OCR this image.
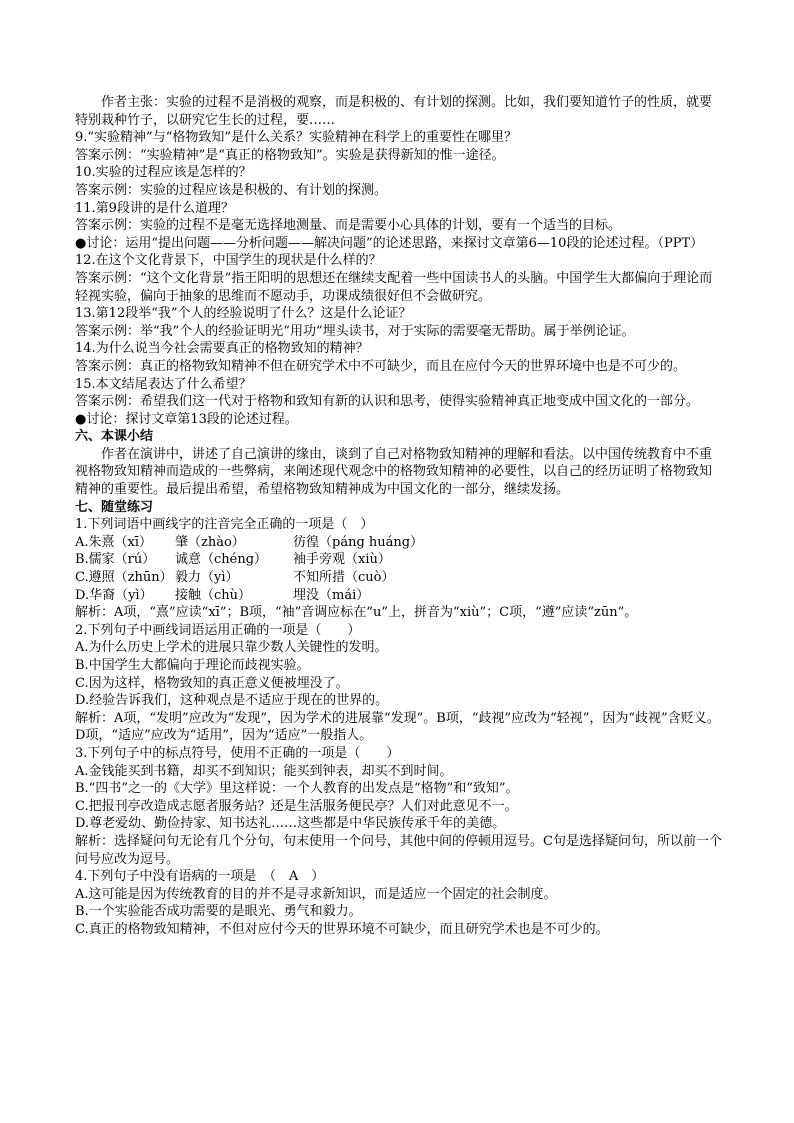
作者主张：实验的过程不是消极的观察，而是积极的、有计划的探测。比如，我们要知道竹子的性质，就要特别栽种竹子，以研究它生长的过程，要……

9.“实验精神”与“格物致知”是什么关系？实验精神在科学上的重要性在哪里？

答案示例：“实验精神”是“真正的格物致知”。实验是获得新知的惟一途径。

10.实验的过程应该是怎样的？

答案示例：实验的过程应该是积极的、有计划的探测。

11.第9段讲的是什么道理？

答案示例：实验的过程不是毫无选择地测量、而是需要小心具体的计划，要有一个适当的目标。

●讨论：运用“提出问题——分析问题——解决问题”的论述思路，来探讨文章第6—10段的论述过程。（PPT）

12.在这个文化背景下，中国学生的现状是什么样的？

答案示例：“这个文化背景”指王阳明的思想还在继续支配着一些中国读书人的头脑。中国学生大都偏向于理论而轻视实验，偏向于抽象的思维而不愿动手，功课成绩很好但不会做研究。

13.第12段举“我”个人的经验说明了什么？这是什么论证？

答案示例：举“我”个人的经验证明光“用功”埋头读书，对于实际的需要毫无帮助。属于举例论证。

14.为什么说当今社会需要真正的格物致知的精神？

答案示例：真正的格物致知精神不但在研究学术中不可缺少，而且在应付今天的世界环境中也是不可少的。

15.本文结尾表达了什么希望？

答案示例：希望我们这一代对于格物和致知有新的认识和思考，使得实验精神真正地变成中国文化的一部分。

●讨论：探讨文章第13段的论述过程。

六、本课小结

作者在演讲中，讲述了自己演讲的缘由，谈到了自己对格物致知精神的理解和看法。以中国传统教育中不重视格物致知精神而造成的一些弊病，来阐述现代观念中的格物致知精神的必要性，以自己的经历证明了格物致知精神的重要性。最后提出希望，希望格物致知精神成为中国文化的一部分，继续发扬。

七、随堂练习

1.下列词语中画线字的注音完全正确的一项是（　）

A.朱熹（xī）	肇（zhào）	彷徨（páng huáng）
B.儒家（rú）	诚意（chéng）	袖手旁观（xiù）
C.遵照（zhūn） 毅力（yì）	不知所措（cuò）
D.华裔（yì）	接触（chù）	埋没（mái）

解析：A项，“熹”应读“xī”；B项，“袖”音调应标在“u”上，拼音为“xiù”；C项，“遵”应读“zūn”。

2.下列句子中画线词语运用正确的一项是（　　）

A.为什么历史上学术的进展只靠少数人关键性的发明。

B.中国学生大都偏向于理论而歧视实验。

C.因为这样，格物致知的真正意义便被埋没了。

D.经验告诉我们，这种观点是不适应于现在的世界的。

解析：A项，“发明”应改为“发现”，因为学术的进展靠“发现”。B项，“歧视”应改为“轻视”，因为“歧视”含贬义。D项，“适应”应改为“适用”，因为“适应”一般指人。

3.下列句子中的标点符号，使用不正确的一项是（　　）

A.金钱能买到书籍，却买不到知识；能买到钟表，却买不到时间。

B.“四书”之一的《大学》里这样说：一个人教育的出发点是“格物”和“致知”。

C.把报刊亭改造成志愿者服务站？还是生活服务便民亭？人们对此意见不一。

D.尊老爱幼、勤俭持家、知书达礼……这些都是中华民族传承千年的美德。

解析：选择疑问句无论有几个分句，句末使用一个问号，其他中间的停顿用逗号。C句是选择疑问句，所以前一个问号应改为逗号。

4.下列句子中没有语病的一项是　（　A　）

A.这可能是因为传统教育的目的并不是寻求新知识，而是适应一个固定的社会制度。

B.一个实验能否成功需要的是眼光、勇气和毅力。

C.真正的格物致知精神，不但对应付今天的世界环境不可缺少，而且研究学术也是不可少的。
